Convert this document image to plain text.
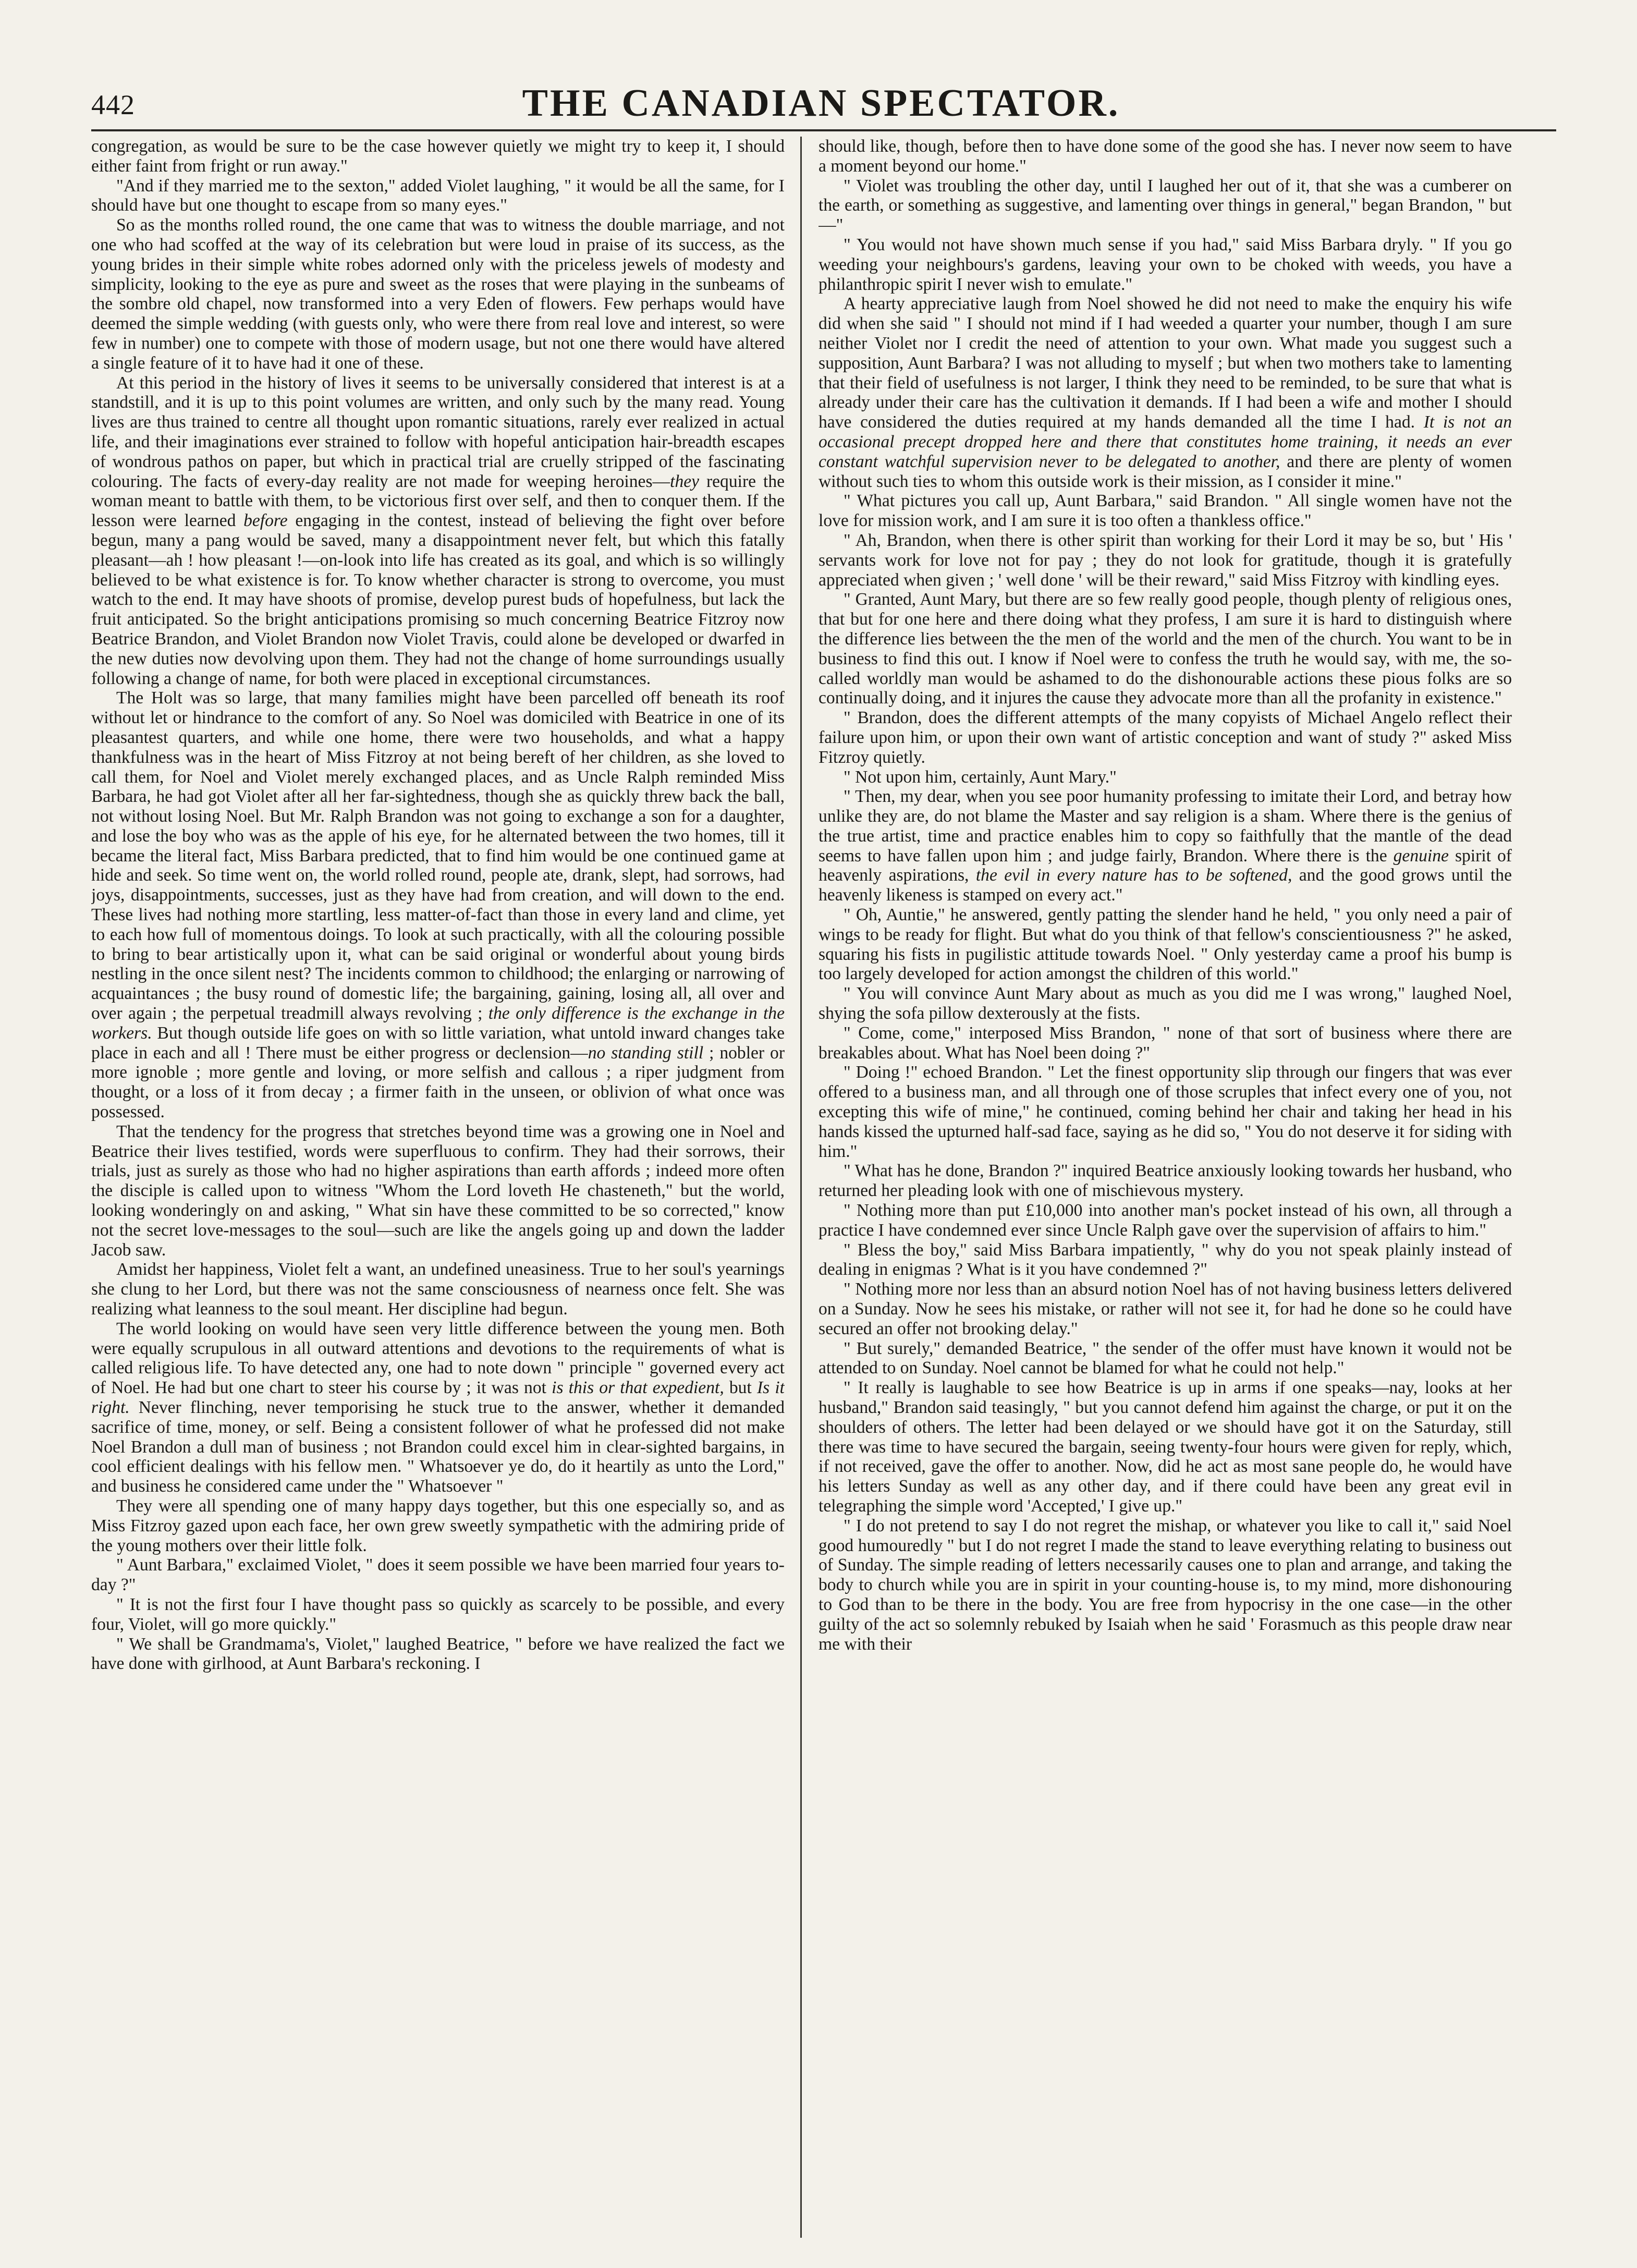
442	THE CANADIAN SPECTATOR.

congregation, as would be sure to be the case however quietly we might try to keep it, I should either faint from fright or run away."

"And if they married me to the sexton," added Violet laughing, " it would be all the same, for I should have but one thought to escape from so many eyes."

So as the months rolled round, the one came that was to witness the double marriage, and not one who had scoffed at the way of its celebration but were loud in praise of its success, as the young brides in their simple white robes adorned only with the priceless jewels of modesty and simplicity, looking to the eye as pure and sweet as the roses that were playing in the sunbeams of the sombre old chapel, now transformed into a very Eden of flowers. Few perhaps would have deemed the simple wedding (with guests only, who were there from real love and interest, so were few in number) one to compete with those of modern usage, but not one there would have altered a single feature of it to have had it one of these.

At this period in the history of lives it seems to be universally considered that interest is at a standstill, and it is up to this point volumes are written, and only such by the many read. Young lives are thus trained to centre all thought upon romantic situations, rarely ever realized in actual life, and their imaginations ever strained to follow with hopeful anticipation hair-breadth escapes of wondrous pathos on paper, but which in practical trial are cruelly stripped of the fascinating colouring. The facts of every-day reality are not made for weeping heroines—they require the woman meant to battle with them, to be victorious first over self, and then to conquer them. If the lesson were learned before engaging in the contest, instead of believing the fight over before begun, many a pang would be saved, many a disappointment never felt, but which this fatally pleasant—ah ! how pleasant !—on-look into life has created as its goal, and which is so willingly believed to be what existence is for. To know whether character is strong to overcome, you must watch to the end. It may have shoots of promise, develop purest buds of hopefulness, but lack the fruit anticipated. So the bright anticipations promising so much concerning Beatrice Fitzroy now Beatrice Brandon, and Violet Brandon now Violet Travis, could alone be developed or dwarfed in the new duties now devolving upon them. They had not the change of home surroundings usually following a change of name, for both were placed in exceptional circumstances.

The Holt was so large, that many families might have been parcelled off beneath its roof without let or hindrance to the comfort of any. So Noel was domiciled with Beatrice in one of its pleasantest quarters, and while one home, there were two households, and what a happy thankfulness was in the heart of Miss Fitzroy at not being bereft of her children, as she loved to call them, for Noel and Violet merely exchanged places, and as Uncle Ralph reminded Miss Barbara, he had got Violet after all her far-sightedness, though she as quickly threw back the ball, not without losing Noel. But Mr. Ralph Brandon was not going to exchange a son for a daughter, and lose the boy who was as the apple of his eye, for he alternated between the two homes, till it became the literal fact, Miss Barbara predicted, that to find him would be one continued game at hide and seek. So time went on, the world rolled round, people ate, drank, slept, had sorrows, had joys, disappointments, successes, just as they have had from creation, and will down to the end. These lives had nothing more startling, less matter-of-fact than those in every land and clime, yet to each how full of momentous doings. To look at such practically, with all the colouring possible to bring to bear artistically upon it, what can be said original or wonderful about young birds nestling in the once silent nest? The incidents common to childhood; the enlarging or narrowing of acquaintances ; the busy round of domestic life; the bargaining, gaining, losing all, all over and over again ; the perpetual treadmill always revolving ; the only difference is the exchange in the workers. But though outside life goes on with so little variation, what untold inward changes take place in each and all ! There must be either progress or declension—no standing still ; nobler or more ignoble ; more gentle and loving, or more selfish and callous ; a riper judgment from thought, or a loss of it from decay ; a firmer faith in the unseen, or oblivion of what once was possessed.

That the tendency for the progress that stretches beyond time was a growing one in Noel and Beatrice their lives testified, words were superfluous to confirm. They had their sorrows, their trials, just as surely as those who had no higher aspirations than earth affords ; indeed more often the disciple is called upon to witness "Whom the Lord loveth He chasteneth," but the world, looking wonderingly on and asking, " What sin have these committed to be so corrected," know not the secret love-messages to the soul—such are like the angels going up and down the ladder Jacob saw.

Amidst her happiness, Violet felt a want, an undefined uneasiness. True to her soul's yearnings she clung to her Lord, but there was not the same consciousness of nearness once felt. She was realizing what leanness to the soul meant. Her discipline had begun.

The world looking on would have seen very little difference between the young men. Both were equally scrupulous in all outward attentions and devotions to the requirements of what is called religious life. To have detected any, one had to note down " principle " governed every act of Noel. He had but one chart to steer his course by ; it was not is this or that expedient, but Is it right. Never flinching, never temporising he stuck true to the answer, whether it demanded sacrifice of time, money, or self. Being a consistent follower of what he professed did not make Noel Brandon a dull man of business ; not Brandon could excel him in clear-sighted bargains, in cool efficient dealings with his fellow men. " Whatsoever ye do, do it heartily as unto the Lord," and business he considered came under the " Whatsoever "

They were all spending one of many happy days together, but this one especially so, and as Miss Fitzroy gazed upon each face, her own grew sweetly sympathetic with the admiring pride of the young mothers over their little folk.

" Aunt Barbara," exclaimed Violet, " does it seem possible we have been married four years to-day ?"

" It is not the first four I have thought pass so quickly as scarcely to be possible, and every four, Violet, will go more quickly."

" We shall be Grandmama's, Violet," laughed Beatrice, " before we have realized the fact we have done with girlhood, at Aunt Barbara's reckoning. I

should like, though, before then to have done some of the good she has. I never now seem to have a moment beyond our home."

" Violet was troubling the other day, until I laughed her out of it, that she was a cumberer on the earth, or something as suggestive, and lamenting over things in general," began Brandon, " but—"

" You would not have shown much sense if you had," said Miss Barbara dryly. " If you go weeding your neighbours's gardens, leaving your own to be choked with weeds, you have a philanthropic spirit I never wish to emulate."

A hearty appreciative laugh from Noel showed he did not need to make the enquiry his wife did when she said " I should not mind if I had weeded a quarter your number, though I am sure neither Violet nor I credit the need of attention to your own. What made you suggest such a supposition, Aunt Barbara? I was not alluding to myself ; but when two mothers take to lamenting that their field of usefulness is not larger, I think they need to be reminded, to be sure that what is already under their care has the cultivation it demands. If I had been a wife and mother I should have considered the duties required at my hands demanded all the time I had. It is not an occasional precept dropped here and there that constitutes home training, it needs an ever constant watchful supervision never to be delegated to another, and there are plenty of women without such ties to whom this outside work is their mission, as I consider it mine."

" What pictures you call up, Aunt Barbara," said Brandon. " All single women have not the love for mission work, and I am sure it is too often a thankless office."

" Ah, Brandon, when there is other spirit than working for their Lord it may be so, but ' His ' servants work for love not for pay ; they do not look for gratitude, though it is gratefully appreciated when given ; ' well done ' will be their reward," said Miss Fitzroy with kindling eyes.

" Granted, Aunt Mary, but there are so few really good people, though plenty of religious ones, that but for one here and there doing what they profess, I am sure it is hard to distinguish where the difference lies between the the men of the world and the men of the church. You want to be in business to find this out. I know if Noel were to confess the truth he would say, with me, the so-called worldly man would be ashamed to do the dishonourable actions these pious folks are so continually doing, and it injures the cause they advocate more than all the profanity in existence."

" Brandon, does the different attempts of the many copyists of Michael Angelo reflect their failure upon him, or upon their own want of artistic conception and want of study ?" asked Miss Fitzroy quietly.

" Not upon him, certainly, Aunt Mary."

" Then, my dear, when you see poor humanity professing to imitate their Lord, and betray how unlike they are, do not blame the Master and say religion is a sham. Where there is the genius of the true artist, time and practice enables him to copy so faithfully that the mantle of the dead seems to have fallen upon him ; and judge fairly, Brandon. Where there is the genuine spirit of heavenly aspirations, the evil in every nature has to be softened, and the good grows until the heavenly likeness is stamped on every act."

" Oh, Auntie," he answered, gently patting the slender hand he held, " you only need a pair of wings to be ready for flight. But what do you think of that fellow's conscientiousness ?" he asked, squaring his fists in pugilistic attitude towards Noel. " Only yesterday came a proof his bump is too largely developed for action amongst the children of this world."

" You will convince Aunt Mary about as much as you did me I was wrong," laughed Noel, shying the sofa pillow dexterously at the fists.

" Come, come," interposed Miss Brandon, " none of that sort of business where there are breakables about. What has Noel been doing ?"

" Doing !" echoed Brandon. " Let the finest opportunity slip through our fingers that was ever offered to a business man, and all through one of those scruples that infect every one of you, not excepting this wife of mine," he continued, coming behind her chair and taking her head in his hands kissed the upturned half-sad face, saying as he did so, " You do not deserve it for siding with him."

" What has he done, Brandon ?" inquired Beatrice anxiously looking towards her husband, who returned her pleading look with one of mischievous mystery.

" Nothing more than put £10,000 into another man's pocket instead of his own, all through a practice I have condemned ever since Uncle Ralph gave over the supervision of affairs to him."

" Bless the boy," said Miss Barbara impatiently, " why do you not speak plainly instead of dealing in enigmas ? What is it you have condemned ?"

" Nothing more nor less than an absurd notion Noel has of not having business letters delivered on a Sunday. Now he sees his mistake, or rather will not see it, for had he done so he could have secured an offer not brooking delay."

" But surely," demanded Beatrice, " the sender of the offer must have known it would not be attended to on Sunday. Noel cannot be blamed for what he could not help."

" It really is laughable to see how Beatrice is up in arms if one speaks—nay, looks at her husband," Brandon said teasingly, " but you cannot defend him against the charge, or put it on the shoulders of others. The letter had been delayed or we should have got it on the Saturday, still there was time to have secured the bargain, seeing twenty-four hours were given for reply, which, if not received, gave the offer to another. Now, did he act as most sane people do, he would have his letters Sunday as well as any other day, and if there could have been any great evil in telegraphing the simple word 'Accepted,' I give up."

" I do not pretend to say I do not regret the mishap, or whatever you like to call it," said Noel good humouredly " but I do not regret I made the stand to leave everything relating to business out of Sunday. The simple reading of letters necessarily causes one to plan and arrange, and taking the body to church while you are in spirit in your counting-house is, to my mind, more dishonouring to God than to be there in the body. You are free from hypocrisy in the one case—in the other guilty of the act so solemnly rebuked by Isaiah when he said ' Forasmuch as this people draw near me with their
